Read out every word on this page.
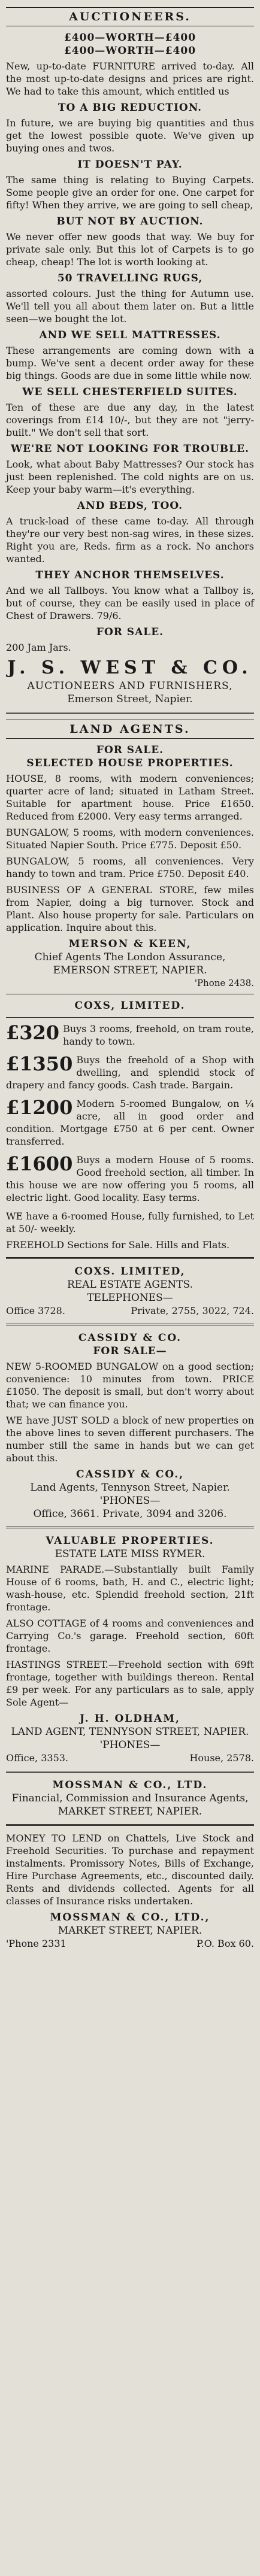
AUCTIONEERS.
£400—WORTH—£400
£400—WORTH—£400
New, up-to-date FURNITURE arrived to-day. All the most up-to-date designs and prices are right. We had to take this amount, which entitled us
TO A BIG REDUCTION.
In future, we are buying big quantities and thus get the lowest possible quote. We've given up buying ones and twos.
IT DOESN'T PAY.
The same thing is relating to Buying Carpets. Some people give an order for one. One carpet for fifty! When they arrive, we are going to sell cheap,
BUT NOT BY AUCTION.
We never offer new goods that way. We buy for private sale only. But this lot of Carpets is to go cheap, cheap! The lot is worth looking at.
50 TRAVELLING RUGS,
assorted colours. Just the thing for Autumn use. We'll tell you all about them later on. But a little seen—we bought the lot.
AND WE SELL MATTRESSES.
These arrangements are coming down with a bump. We've sent a decent order away for these big things. Goods are due in some little while now.
WE SELL CHESTERFIELD SUITES.
Ten of these are due any day, in the latest coverings from £14 10/-, but they are not "jerry-built." We don't sell that sort.
WE'RE NOT LOOKING FOR TROUBLE.
Look, what about Baby Mattresses? Our stock has just been replenished. The cold nights are on us. Keep your baby warm—it's everything.
AND BEDS, TOO.
A truck-load of these came to-day. All through they're our very best non-sag wires, in these sizes. Right you are, Reds. firm as a rock. No anchors wanted.
THEY ANCHOR THEMSELVES.
And we all Tallboys. You know what a Tallboy is, but of course, they can be easily used in place of Chest of Drawers. 79/6.
FOR SALE.
200 Jam Jars.
J. S. WEST & CO.
AUCTIONEERS AND FURNISHERS,
Emerson Street, Napier.
LAND AGENTS.
FOR SALE.
SELECTED HOUSE PROPERTIES.
HOUSE, 8 rooms, with modern conveniences; quarter acre of land; situated in Latham Street. Suitable for apartment house. Price £1650. Reduced from £2000. Very easy terms arranged.
BUNGALOW, 5 rooms, with modern conveniences. Situated Napier South. Price £775. Deposit £50.
BUNGALOW, 5 rooms, all conveniences. Very handy to town and tram. Price £750. Deposit £40.
BUSINESS OF A GENERAL STORE, few miles from Napier, doing a big turnover. Stock and Plant. Also house property for sale. Particulars on application. Inquire about this.
MERSON & KEEN,
Chief Agents The London Assurance,
EMERSON STREET, NAPIER.
'Phone 2438.
COXS, LIMITED.
£320 Buys 3 rooms, freehold, on tram route, handy to town.
£1350 Buys the freehold of a Shop with dwelling, and splendid stock of drapery and fancy goods. Cash trade. Bargain.
£1200 Modern 5-roomed Bungalow, on ¼ acre, all in good order and condition. Mortgage £750 at 6 per cent. Owner transferred.
£1600 Buys a modern House of 5 rooms. Good freehold section, all timber. In this house we are now offering you 5 rooms, all electric light. Good locality. Easy terms.
WE have a 6-roomed House, fully furnished, to Let at 50/- weekly.
FREEHOLD Sections for Sale. Hills and Flats.
COXS. LIMITED,
REAL ESTATE AGENTS.
TELEPHONES—
Office 3728.	Private, 2755, 3022, 724.
CASSIDY & CO.
FOR SALE—
NEW 5-ROOMED BUNGALOW on a good section; convenience: 10 minutes from town. PRICE £1050. The deposit is small, but don't worry about that; we can finance you.
WE have JUST SOLD a block of new properties on the above lines to seven different purchasers. The number still the same in hands but we can get about this.
CASSIDY & CO.,
Land Agents, Tennyson Street, Napier.
'PHONES—
Office, 3661. Private, 3094 and 3206.
VALUABLE PROPERTIES.
ESTATE LATE MISS RYMER.
MARINE PARADE.—Substantially built Family House of 6 rooms, bath, H. and C., electric light; wash-house, etc. Splendid freehold section, 21ft frontage.
ALSO COTTAGE of 4 rooms and conveniences and Carrying Co.'s garage. Freehold section, 60ft frontage.
HASTINGS STREET.—Freehold section with 69ft frontage, together with buildings thereon. Rental £9 per week. For any particulars as to sale, apply Sole Agent—
J. H. OLDHAM,
LAND AGENT, TENNYSON STREET, NAPIER.
'PHONES—
Office, 3353.	House, 2578.
MOSSMAN & CO., LTD.
Financial, Commission and Insurance Agents,
MARKET STREET, NAPIER.
MONEY TO LEND on Chattels, Live Stock and Freehold Securities. To purchase and repayment instalments. Promissory Notes, Bills of Exchange, Hire Purchase Agreements, etc., discounted daily. Rents and dividends collected. Agents for all classes of Insurance risks undertaken.
MOSSMAN & CO., LTD.,
MARKET STREET, NAPIER.
'Phone 2331	P.O. Box 60.
